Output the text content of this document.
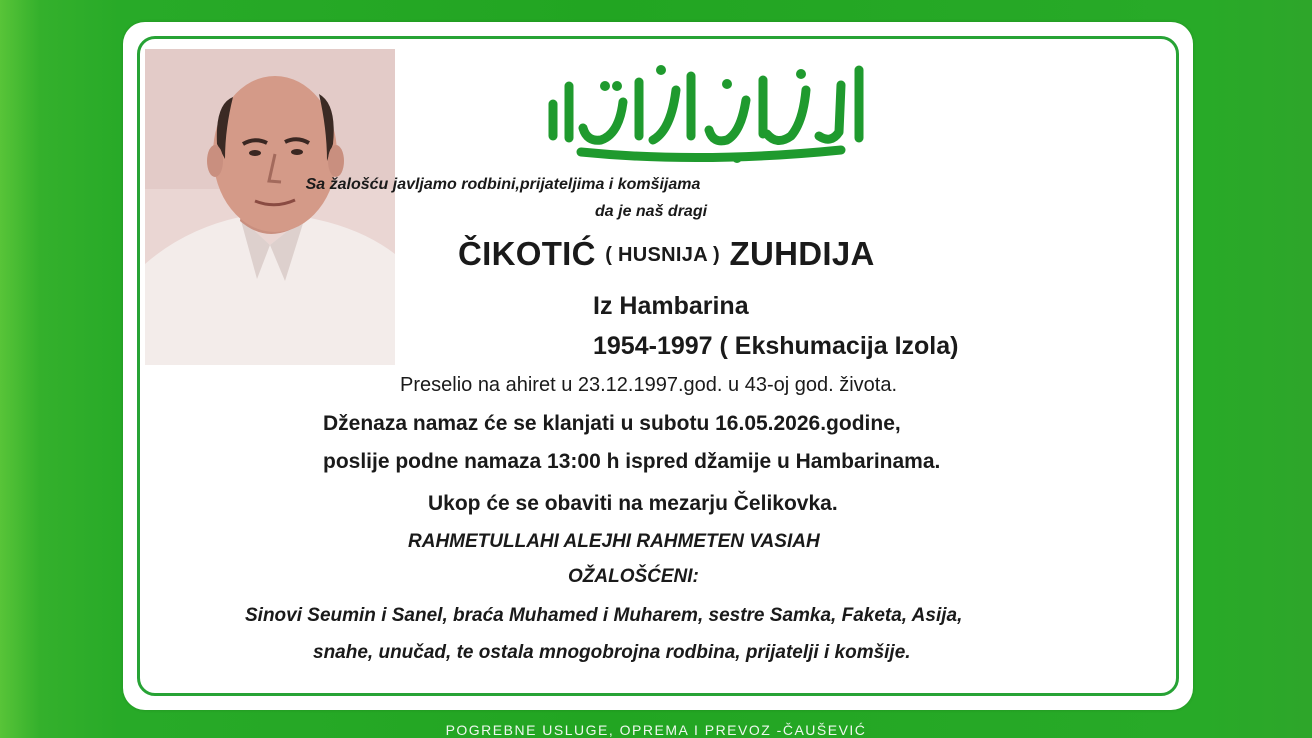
Sa žalošću javljamo rodbini,prijateljima i komšijama

da je naš dragi

ČIKOTIĆ ( HUSNIJA ) ZUHDIJA

Iz Hambarina

1954-1997 ( Ekshumacija Izola)

Preselio na ahiret u 23.12.1997.god. u 43-oj god. života.

Dženaza namaz će se klanjati u subotu 16.05.2026.godine,

poslije podne namaza 13:00 h ispred džamije u Hambarinama.

Ukop će se obaviti na mezarju Čelikovka.

RAHMETULLAHI ALEJHI RAHMETEN VASIAH

OŽALOŠĆENI:

Sinovi Seumin i Sanel, braća Muhamed i Muharem, sestre Samka, Faketa, Asija,

snahe, unučad, te ostala mnogobrojna rodbina, prijatelji i komšije.

POGREBNE USLUGE, OPREMA I PREVOZ -ČAUŠEVIĆ
